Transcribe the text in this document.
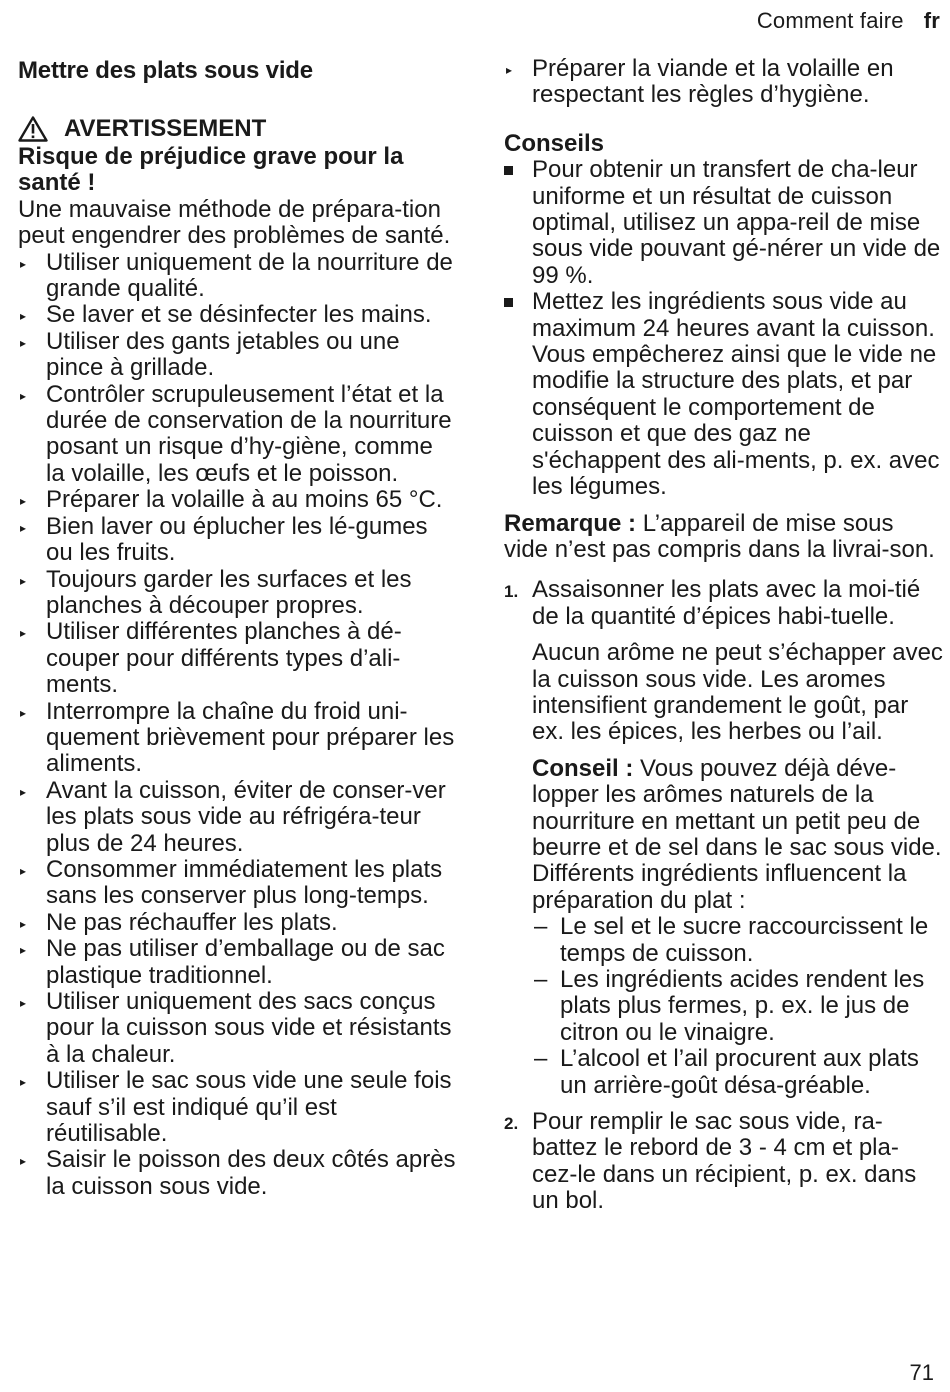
Comment faire fr
Mettre des plats sous vide
AVERTISSEMENT
Risque de préjudice grave pour la santé !
Une mauvaise méthode de prépara-tion peut engendrer des problèmes de santé.
▸ Utiliser uniquement de la nourriture de grande qualité.
▸ Se laver et se désinfecter les mains.
▸ Utiliser des gants jetables ou une pince à grillade.
▸ Contrôler scrupuleusement l’état et la durée de conservation de la nourriture posant un risque d’hy-giène, comme la volaille, les œufs et le poisson.
▸ Préparer la volaille à au moins 65 °C.
▸ Bien laver ou éplucher les lé-gumes ou les fruits.
▸ Toujours garder les surfaces et les planches à découper propres.
▸ Utiliser différentes planches à dé-couper pour différents types d’ali-ments.
▸ Interrompre la chaîne du froid uni-quement brièvement pour préparer les aliments.
▸ Avant la cuisson, éviter de conser-ver les plats sous vide au réfrigéra-teur plus de 24 heures.
▸ Consommer immédiatement les plats sans les conserver plus long-temps.
▸ Ne pas réchauffer les plats.
▸ Ne pas utiliser d’emballage ou de sac plastique traditionnel.
▸ Utiliser uniquement des sacs conçus pour la cuisson sous vide et résistants à la chaleur.
▸ Utiliser le sac sous vide une seule fois sauf s’il est indiqué qu’il est réutilisable.
▸ Saisir le poisson des deux côtés après la cuisson sous vide.
▸ Préparer la viande et la volaille en respectant les règles d’hygiène.
Conseils
Pour obtenir un transfert de cha-leur uniforme et un résultat de cuisson optimal, utilisez un appa-reil de mise sous vide pouvant gé-nérer un vide de 99 %.
Mettez les ingrédients sous vide au maximum 24 heures avant la cuisson. Vous empêcherez ainsi que le vide ne modifie la structure des plats, et par conséquent le comportement de cuisson et que des gaz ne s'échappent des ali-ments, p. ex. avec les légumes.
Remarque : L’appareil de mise sous vide n’est pas compris dans la livrai-son.
1. Assaisonner les plats avec la moi-tié de la quantité d’épices habi-tuelle.
Aucun arôme ne peut s’échapper avec la cuisson sous vide. Les aromes intensifient grandement le goût, par ex. les épices, les herbes ou l’ail.
Conseil : Vous pouvez déjà déve-lopper les arômes naturels de la nourriture en mettant un petit peu de beurre et de sel dans le sac sous vide.
Différents ingrédients influencent la préparation du plat :
– Le sel et le sucre raccourcissent le temps de cuisson.
– Les ingrédients acides rendent les plats plus fermes, p. ex. le jus de citron ou le vinaigre.
– L’alcool et l’ail procurent aux plats un arrière-goût désa-gréable.
2. Pour remplir le sac sous vide, ra-battez le rebord de 3 - 4 cm et pla-cez-le dans un récipient, p. ex. dans un bol.
71
